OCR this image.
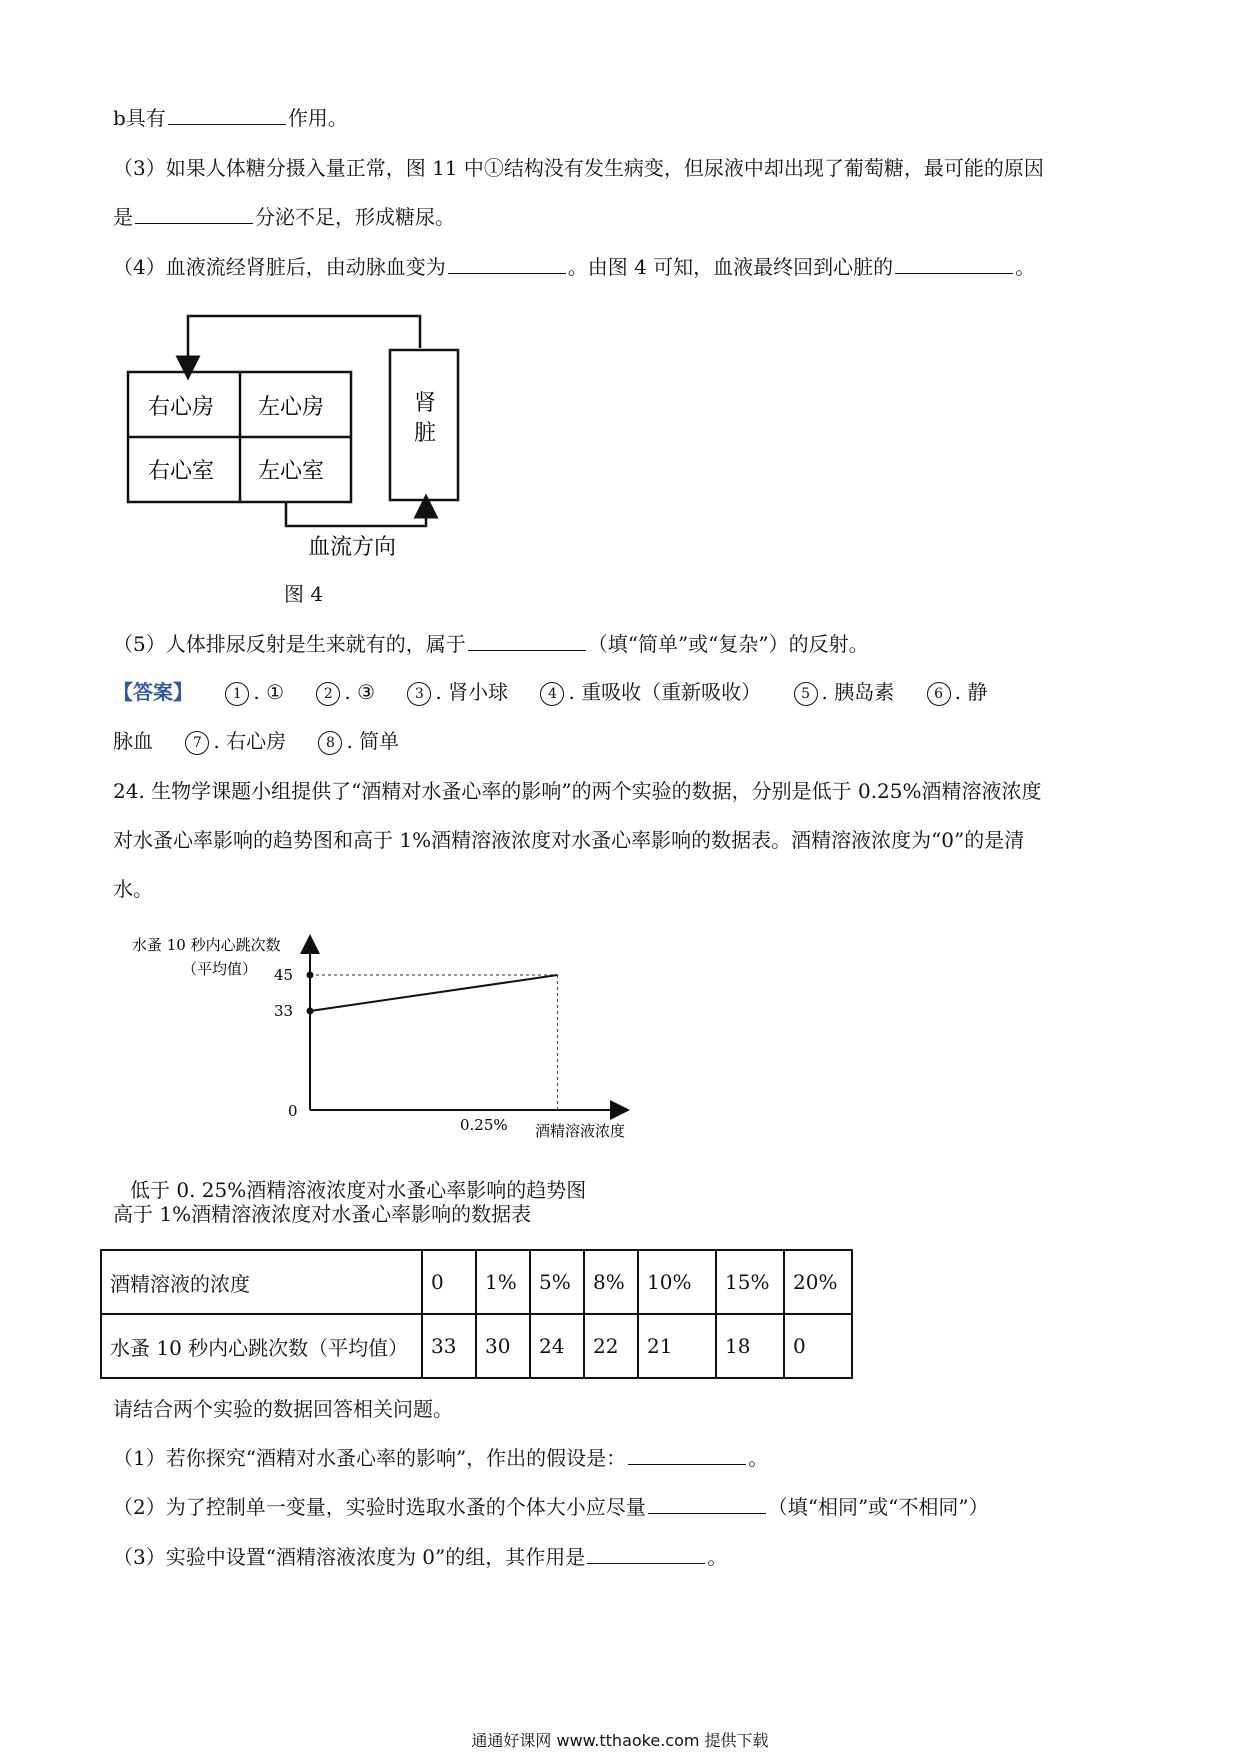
b具有	作用。
（3）如果人体糖分摄入量正常，图 11 中①结构没有发生病变，但尿液中却出现了葡萄糖，最可能的原因
是	分泌不足，形成糖尿。
（4）血液流经肾脏后，由动脉血变为	。由图 4 可知，血液最终回到心脏的	。
右心房 左心房
右心室 左心室
肾
脏
血流方向
图 4
（5）人体排尿反射是生来就有的，属于	（填“简单”或“复杂”）的反射。
【答案】	1 . ①	2 . ③	3 . 肾小球	4 . 重吸收（重新吸收）	5 . 胰岛素	6 . 静
脉血	7 . 右心房	8 . 简单
24. 生物学课题小组提供了“酒精对水蚤心率的影响”的两个实验的数据，分别是低于 0.25%酒精溶液浓度
对水蚤心率影响的趋势图和高于 1%酒精溶液浓度对水蚤心率影响的数据表。酒精溶液浓度为“0”的是清
水。
水蚤 10 秒内心跳次数
（平均值）
0
酒精溶液浓度
0.25%
45
33
低于 0. 25%酒精溶液浓度对水蚤心率影响的趋势图
高于 1%酒精溶液浓度对水蚤心率影响的数据表
酒精溶液的浓度	0	1%	5%	8%	10%	15%	20%
水蚤 10 秒内心跳次数（平均值）	33	30	24	22	21	18	0
请结合两个实验的数据回答相关问题。
（1）若你探究“酒精对水蚤心率的影响”，作出的假设是：	。
（2）为了控制单一变量，实验时选取水蚤的个体大小应尽量	（填“相同”或“不相同”）
（3）实验中设置“酒精溶液浓度为 0”的组，其作用是	。
通通好课网 www.tthaoke.com 提供下载
